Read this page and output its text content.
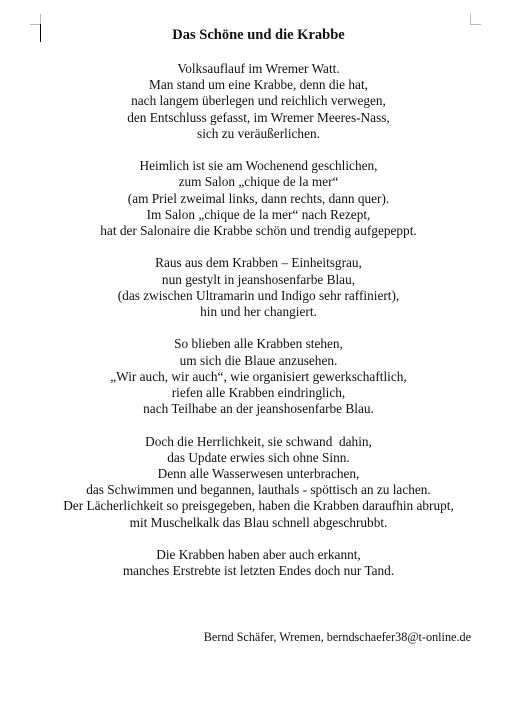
Das Schöne und die Krabbe
Volksauflauf im Wremer Watt.
Man stand um eine Krabbe, denn die hat,
nach langem überlegen und reichlich verwegen,
den Entschluss gefasst, im Wremer Meeres-Nass,
sich zu veräußerlichen.
Heimlich ist sie am Wochenend geschlichen,
zum Salon „chique de la mer“
(am Priel zweimal links, dann rechts, dann quer).
Im Salon „chique de la mer“ nach Rezept,
hat der Salonaire die Krabbe schön und trendig aufgepeppt.
Raus aus dem Krabben – Einheitsgrau,
nun gestylt in jeanshosenfarbe Blau,
(das zwischen Ultramarin und Indigo sehr raffiniert),
hin und her changiert.
So blieben alle Krabben stehen,
um sich die Blaue anzusehen.
„Wir auch, wir auch“, wie organisiert gewerkschaftlich,
riefen alle Krabben eindringlich,
nach Teilhabe an der jeanshosenfarbe Blau.
Doch die Herrlichkeit, sie schwand  dahin,
das Update erwies sich ohne Sinn.
Denn alle Wasserwesen unterbrachen,
das Schwimmen und begannen, lauthals - spöttisch an zu lachen.
Der Lächerlichkeit so preisgegeben, haben die Krabben daraufhin abrupt,
mit Muschelkalk das Blau schnell abgeschrubbt.
Die Krabben haben aber auch erkannt,
manches Erstrebte ist letzten Endes doch nur Tand.
Bernd Schäfer, Wremen, berndschaefer38@t-online.de
